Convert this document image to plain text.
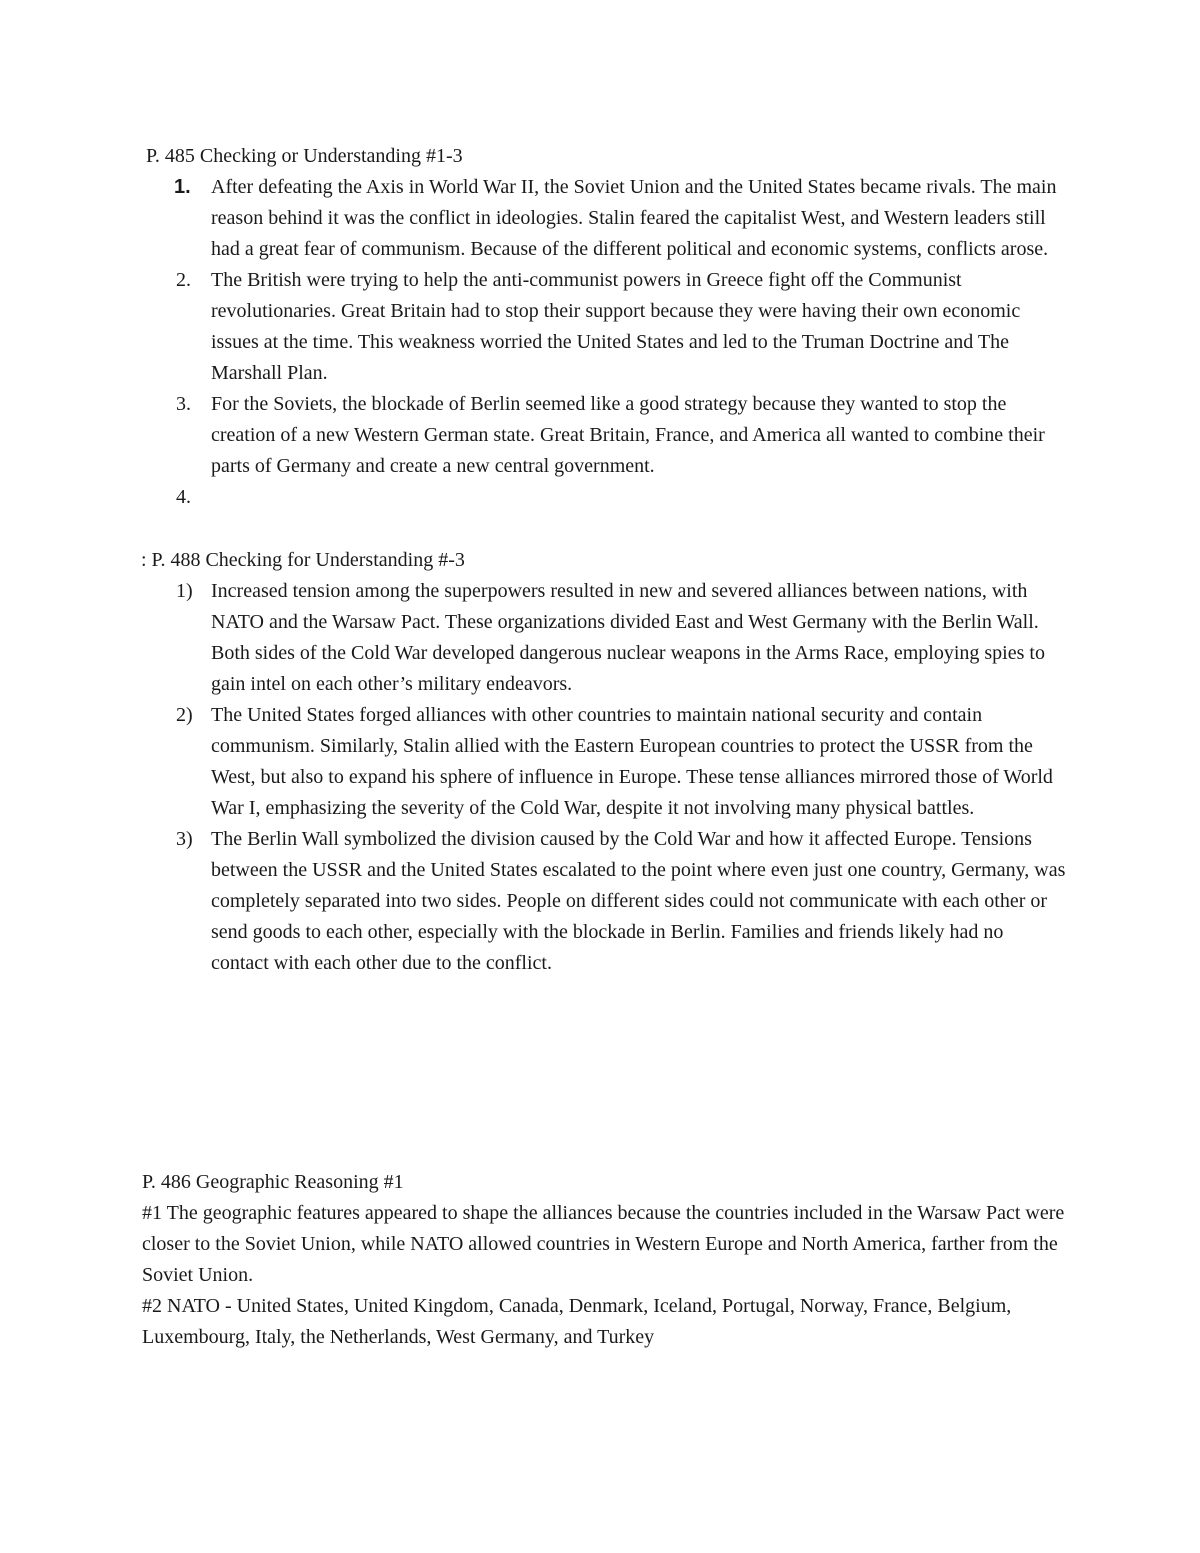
P. 485 Checking or Understanding #1-3
1. After defeating the Axis in World War II, the Soviet Union and the United States became rivals. The main reason behind it was the conflict in ideologies. Stalin feared the capitalist West, and Western leaders still had a great fear of communism. Because of the different political and economic systems, conflicts arose.
2. The British were trying to help the anti-communist powers in Greece fight off the Communist revolutionaries. Great Britain had to stop their support because they were having their own economic issues at the time. This weakness worried the United States and led to the Truman Doctrine and The Marshall Plan.
3. For the Soviets, the blockade of Berlin seemed like a good strategy because they wanted to stop the creation of a new Western German state. Great Britain, France, and America all wanted to combine their parts of Germany and create a new central government.
4.
: P. 488 Checking for Understanding #-3
1) Increased tension among the superpowers resulted in new and severed alliances between nations, with NATO and the Warsaw Pact. These organizations divided East and West Germany with the Berlin Wall. Both sides of the Cold War developed dangerous nuclear weapons in the Arms Race, employing spies to gain intel on each other’s military endeavors.
2) The United States forged alliances with other countries to maintain national security and contain communism. Similarly, Stalin allied with the Eastern European countries to protect the USSR from the West, but also to expand his sphere of influence in Europe. These tense alliances mirrored those of World War I, emphasizing the severity of the Cold War, despite it not involving many physical battles.
3) The Berlin Wall symbolized the division caused by the Cold War and how it affected Europe. Tensions between the USSR and the United States escalated to the point where even just one country, Germany, was completely separated into two sides. People on different sides could not communicate with each other or send goods to each other, especially with the blockade in Berlin. Families and friends likely had no contact with each other due to the conflict.
P. 486 Geographic Reasoning #1

#1 The geographic features appeared to shape the alliances because the countries included in the Warsaw Pact were closer to the Soviet Union, while NATO allowed countries in Western Europe and North America, farther from the Soviet Union.

#2 NATO - United States, United Kingdom, Canada, Denmark, Iceland, Portugal, Norway, France, Belgium, Luxembourg, Italy, the Netherlands, West Germany, and Turkey
